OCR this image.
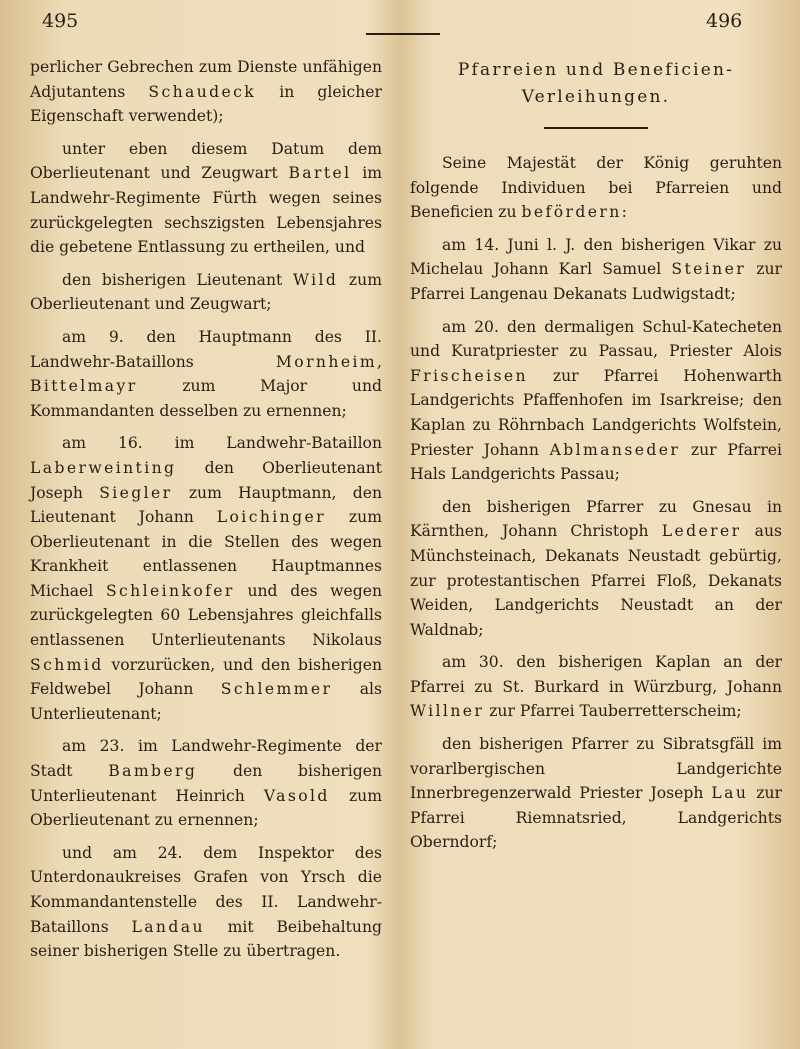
495	496

perlicher Gebrechen zum Dienste unfähigen Adjutantens Schaudeck in gleicher Eigenschaft verwendet);

unter eben diesem Datum dem Oberlieutenant und Zeugwart Bartel im Landwehr-Regimente Fürth wegen seines zurückgelegten sechszigsten Lebensjahres die gebetene Entlassung zu ertheilen, und

den bisherigen Lieutenant Wild zum Oberlieutenant und Zeugwart;

am 9. den Hauptmann des II. Landwehr-Bataillons Mornheim, Bittelmayr zum Major und Kommandanten desselben zu ernennen;

am 16. im Landwehr-Bataillon Laberweinting den Oberlieutenant Joseph Siegler zum Hauptmann, den Lieutenant Johann Loichinger zum Oberlieutenant in die Stellen des wegen Krankheit entlassenen Hauptmannes Michael Schleinkofer und des wegen zurückgelegten 60 Lebensjahres gleichfalls entlassenen Unterlieutenants Nikolaus Schmid vorzurücken, und den bisherigen Feldwebel Johann Schlemmer als Unterlieutenant;

am 23. im Landwehr-Regimente der Stadt Bamberg den bisherigen Unterlieutenant Heinrich Vasold zum Oberlieutenant zu ernennen;

und am 24. dem Inspektor des Unterdonaukreises Grafen von Yrsch die Kommandantenstelle des II. Landwehr-Bataillons Landau mit Beibehaltung seiner bisherigen Stelle zu übertragen.

Pfarreien und Beneficien-Verleihungen.

Seine Majestät der König geruhten folgende Individuen bei Pfarreien und Beneficien zu befördern:

am 14. Juni l. J. den bisherigen Vikar zu Michelau Johann Karl Samuel Steiner zur Pfarrei Langenau Dekanats Ludwigstadt;

am 20. den dermaligen Schul-Katecheten und Kuratpriester zu Passau, Priester Alois Frischeisen zur Pfarrei Hohenwarth Landgerichts Pfaffenhofen im Isarkreise; den Kaplan zu Röhrnbach Landgerichts Wolfstein, Priester Johann Ablmanseder zur Pfarrei Hals Landgerichts Passau;

den bisherigen Pfarrer zu Gnesau in Kärnthen, Johann Christoph Lederer aus Münchsteinach, Dekanats Neustadt gebürtig, zur protestantischen Pfarrei Floß, Dekanats Weiden, Landgerichts Neustadt an der Waldnab;

am 30. den bisherigen Kaplan an der Pfarrei zu St. Burkard in Würzburg, Johann Willner zur Pfarrei Tauberretterscheim;

den bisherigen Pfarrer zu Sibratsgfäll im vorarlbergischen Landgerichte Innerbregenzerwald Priester Joseph Lau zur Pfarrei Riemnatsried, Landgerichts Oberndorf;
